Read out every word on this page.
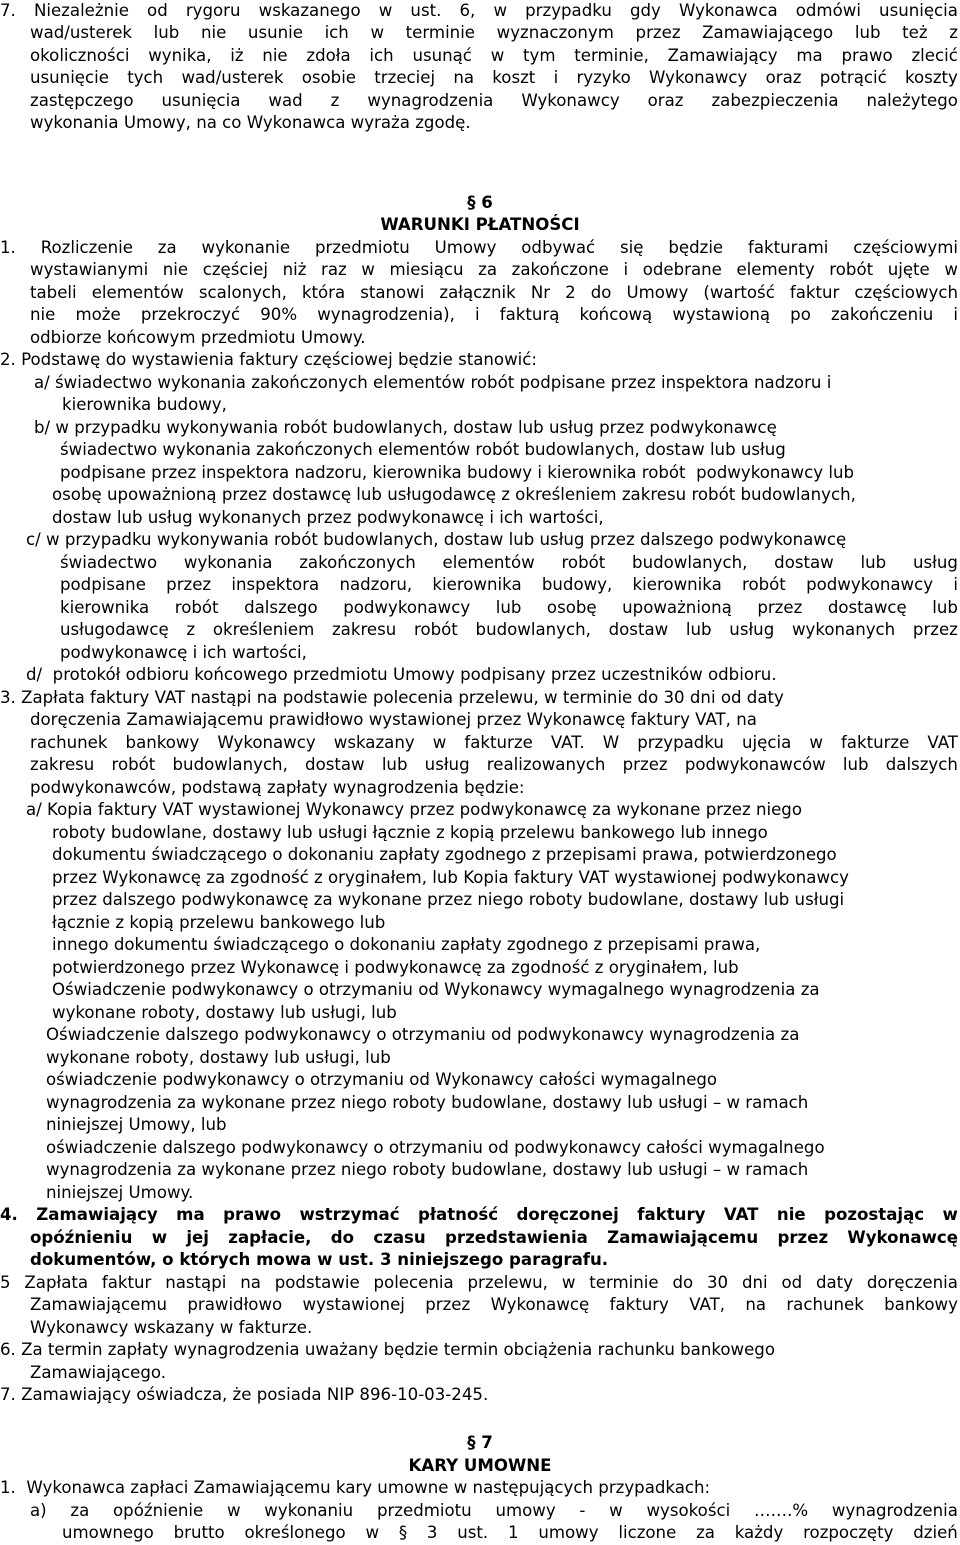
7. Niezależnie od rygoru wskazanego w ust. 6, w przypadku gdy Wykonawca odmówi usunięcia
wad/usterek lub nie usunie ich w terminie wyznaczonym przez Zamawiającego lub też z
okoliczności wynika, iż nie zdoła ich usunąć w tym terminie, Zamawiający ma prawo zlecić
usunięcie tych wad/usterek osobie trzeciej na koszt i ryzyko Wykonawcy oraz potrącić koszty
zastępczego usunięcia wad z wynagrodzenia Wykonawcy oraz zabezpieczenia należytego
wykonania Umowy, na co Wykonawca wyraża zgodę.
§ 6
WARUNKI PŁATNOŚCI
1. Rozliczenie za wykonanie przedmiotu Umowy odbywać się będzie fakturami częściowymi
wystawianymi nie częściej niż raz w miesiącu za zakończone i odebrane elementy robót ujęte w
tabeli elementów scalonych, która stanowi załącznik Nr 2 do Umowy (wartość faktur częściowych
nie może przekroczyć 90% wynagrodzenia), i fakturą końcową wystawioną po zakończeniu i
odbiorze końcowym przedmiotu Umowy.
2. Podstawę do wystawienia faktury częściowej będzie stanowić:
a/ świadectwo wykonania zakończonych elementów robót podpisane przez inspektora nadzoru i
kierownika budowy,
b/ w przypadku wykonywania robót budowlanych, dostaw lub usług przez podwykonawcę
świadectwo wykonania zakończonych elementów robót budowlanych, dostaw lub usług
podpisane przez inspektora nadzoru, kierownika budowy i kierownika robót  podwykonawcy lub
osobę upoważnioną przez dostawcę lub usługodawcę z określeniem zakresu robót budowlanych,
dostaw lub usług wykonanych przez podwykonawcę i ich wartości,
c/ w przypadku wykonywania robót budowlanych, dostaw lub usług przez dalszego podwykonawcę
świadectwo wykonania zakończonych elementów robót budowlanych, dostaw lub usług
podpisane przez inspektora nadzoru, kierownika budowy, kierownika robót podwykonawcy i
kierownika robót dalszego podwykonawcy lub osobę upoważnioną przez dostawcę lub
usługodawcę z określeniem zakresu robót budowlanych, dostaw lub usług wykonanych przez
podwykonawcę i ich wartości,
d/  protokół odbioru końcowego przedmiotu Umowy podpisany przez uczestników odbioru.
3. Zapłata faktury VAT nastąpi na podstawie polecenia przelewu, w terminie do 30 dni od daty
doręczenia Zamawiającemu prawidłowo wystawionej przez Wykonawcę faktury VAT, na
rachunek bankowy Wykonawcy wskazany w fakturze VAT. W przypadku ujęcia w fakturze VAT
zakresu robót budowlanych, dostaw lub usług realizowanych przez podwykonawców lub dalszych
podwykonawców, podstawą zapłaty wynagrodzenia będzie:
a/ Kopia faktury VAT wystawionej Wykonawcy przez podwykonawcę za wykonane przez niego
roboty budowlane, dostawy lub usługi łącznie z kopią przelewu bankowego lub innego
dokumentu świadczącego o dokonaniu zapłaty zgodnego z przepisami prawa, potwierdzonego
przez Wykonawcę za zgodność z oryginałem, lub Kopia faktury VAT wystawionej podwykonawcy
przez dalszego podwykonawcę za wykonane przez niego roboty budowlane, dostawy lub usługi
łącznie z kopią przelewu bankowego lub
innego dokumentu świadczącego o dokonaniu zapłaty zgodnego z przepisami prawa,
potwierdzonego przez Wykonawcę i podwykonawcę za zgodność z oryginałem, lub
Oświadczenie podwykonawcy o otrzymaniu od Wykonawcy wymagalnego wynagrodzenia za
wykonane roboty, dostawy lub usługi, lub
Oświadczenie dalszego podwykonawcy o otrzymaniu od podwykonawcy wynagrodzenia za
wykonane roboty, dostawy lub usługi, lub
oświadczenie podwykonawcy o otrzymaniu od Wykonawcy całości wymagalnego
wynagrodzenia za wykonane przez niego roboty budowlane, dostawy lub usługi – w ramach
niniejszej Umowy, lub
oświadczenie dalszego podwykonawcy o otrzymaniu od podwykonawcy całości wymagalnego
wynagrodzenia za wykonane przez niego roboty budowlane, dostawy lub usługi – w ramach
niniejszej Umowy.
4. Zamawiający ma prawo wstrzymać płatność doręczonej faktury VAT nie pozostając w
opóźnieniu w jej zapłacie, do czasu przedstawienia Zamawiającemu przez Wykonawcę
dokumentów, o których mowa w ust. 3 niniejszego paragrafu.
5 Zapłata faktur nastąpi na podstawie polecenia przelewu, w terminie do 30 dni od daty doręczenia
Zamawiającemu prawidłowo wystawionej przez Wykonawcę faktury VAT, na rachunek bankowy
Wykonawcy wskazany w fakturze.
6. Za termin zapłaty wynagrodzenia uważany będzie termin obciążenia rachunku bankowego
Zamawiającego.
7. Zamawiający oświadcza, że posiada NIP 896-10-03-245.
§ 7
KARY UMOWNE
1.  Wykonawca zapłaci Zamawiającemu kary umowne w następujących przypadkach:
a) za opóźnienie w wykonaniu przedmiotu umowy - w wysokości …….% wynagrodzenia
umownego brutto określonego w § 3 ust. 1 umowy liczone za każdy rozpoczęty dzień
